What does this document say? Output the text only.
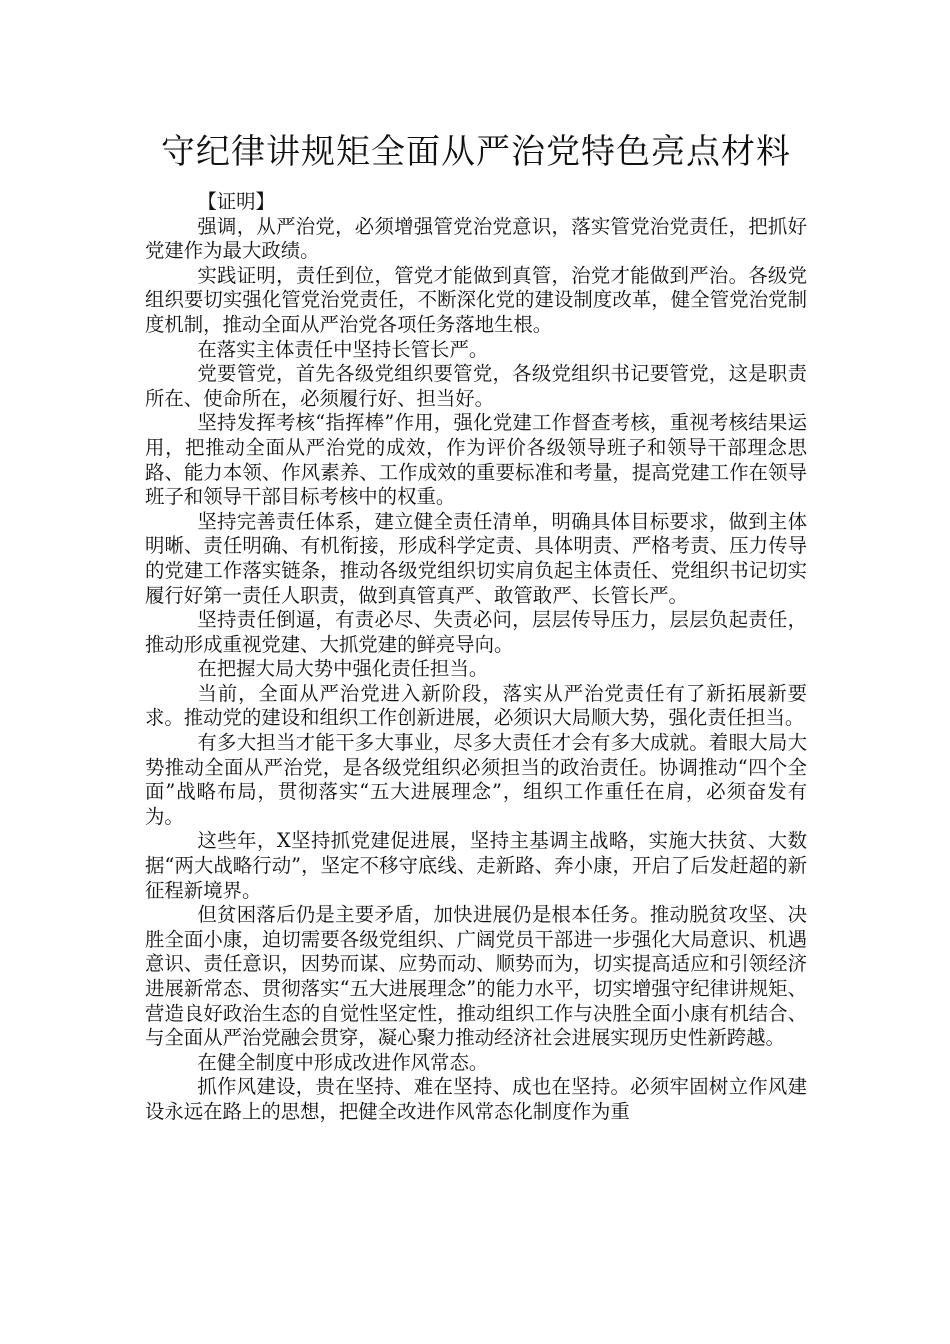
守纪律讲规矩全面从严治党特色亮点材料

【证明】

强调，从严治党，必须增强管党治党意识，落实管党治党责任，把抓好党建作为最大政绩。

实践证明，责任到位，管党才能做到真管，治党才能做到严治。各级党组织要切实强化管党治党责任，不断深化党的建设制度改革，健全管党治党制度机制，推动全面从严治党各项任务落地生根。

在落实主体责任中坚持长管长严。

党要管党，首先各级党组织要管党，各级党组织书记要管党，这是职责所在、使命所在，必须履行好、担当好。

坚持发挥考核“指挥棒”作用，强化党建工作督查考核，重视考核结果运用，把推动全面从严治党的成效，作为评价各级领导班子和领导干部理念思路、能力本领、作风素养、工作成效的重要标准和考量，提高党建工作在领导班子和领导干部目标考核中的权重。

坚持完善责任体系，建立健全责任清单，明确具体目标要求，做到主体明晰、责任明确、有机衔接，形成科学定责、具体明责、严格考责、压力传导的党建工作落实链条，推动各级党组织切实肩负起主体责任、党组织书记切实履行好第一责任人职责，做到真管真严、敢管敢严、长管长严。

坚持责任倒逼，有责必尽、失责必问，层层传导压力，层层负起责任，推动形成重视党建、大抓党建的鲜亮导向。

在把握大局大势中强化责任担当。

当前，全面从严治党进入新阶段，落实从严治党责任有了新拓展新要求。推动党的建设和组织工作创新进展，必须识大局顺大势，强化责任担当。

有多大担当才能干多大事业，尽多大责任才会有多大成就。着眼大局大势推动全面从严治党，是各级党组织必须担当的政治责任。协调推动“四个全面”战略布局，贯彻落实“五大进展理念”，组织工作重任在肩，必须奋发有为。

这些年，X坚持抓党建促进展，坚持主基调主战略，实施大扶贫、大数据“两大战略行动”，坚定不移守底线、走新路、奔小康，开启了后发赶超的新征程新境界。

但贫困落后仍是主要矛盾，加快进展仍是根本任务。推动脱贫攻坚、决胜全面小康，迫切需要各级党组织、广阔党员干部进一步强化大局意识、机遇意识、责任意识，因势而谋、应势而动、顺势而为，切实提高适应和引领经济进展新常态、贯彻落实“五大进展理念”的能力水平，切实增强守纪律讲规矩、营造良好政治生态的自觉性坚定性，推动组织工作与决胜全面小康有机结合、与全面从严治党融会贯穿，凝心聚力推动经济社会进展实现历史性新跨越。

在健全制度中形成改进作风常态。

抓作风建设，贵在坚持、难在坚持、成也在坚持。必须牢固树立作风建设永远在路上的思想，把健全改进作风常态化制度作为重
